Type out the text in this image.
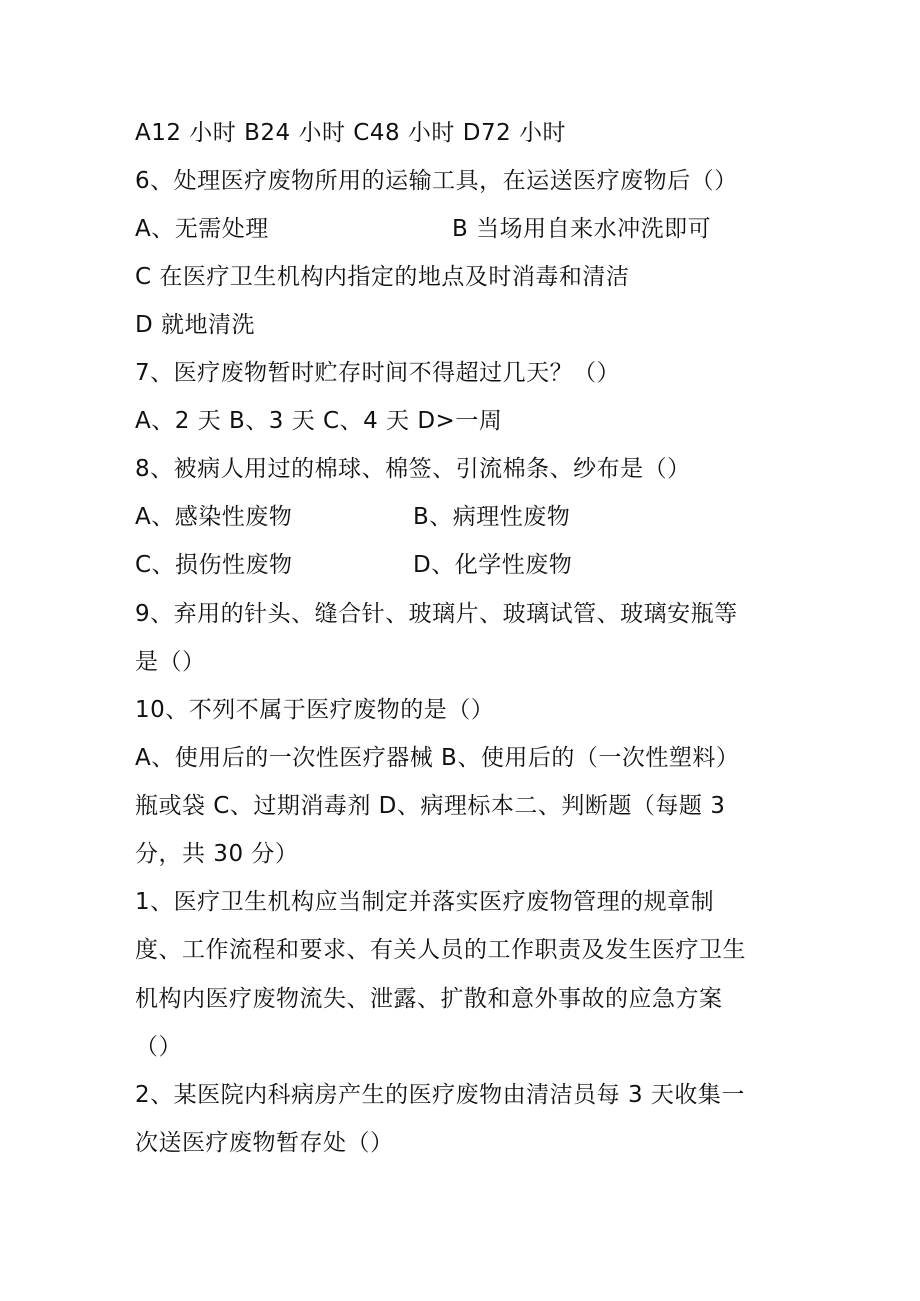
A12 小时 B24 小时 C48 小时 D72 小时
6、处理医疗废物所用的运输工具，在运送医疗废物后（）
A、无需处理	B 当场用自来水冲洗即可
C 在医疗卫生机构内指定的地点及时消毒和清洁
D 就地清洗
7、医疗废物暂时贮存时间不得超过几天？（）
A、2 天 B、3 天 C、4 天 D>一周
8、被病人用过的棉球、棉签、引流棉条、纱布是（）
A、感染性废物	B、病理性废物
C、损伤性废物	D、化学性废物
9、弃用的针头、缝合针、玻璃片、玻璃试管、玻璃安瓶等
是（）
10、不列不属于医疗废物的是（）
A、使用后的一次性医疗器械 B、使用后的（一次性塑料）
瓶或袋 C、过期消毒剂 D、病理标本二、判断题（每题 3
分，共 30 分）
1、医疗卫生机构应当制定并落实医疗废物管理的规章制
度、工作流程和要求、有关人员的工作职责及发生医疗卫生
机构内医疗废物流失、泄露、扩散和意外事故的应急方案
（）
2、某医院内科病房产生的医疗废物由清洁员每 3 天收集一
次送医疗废物暂存处（）
